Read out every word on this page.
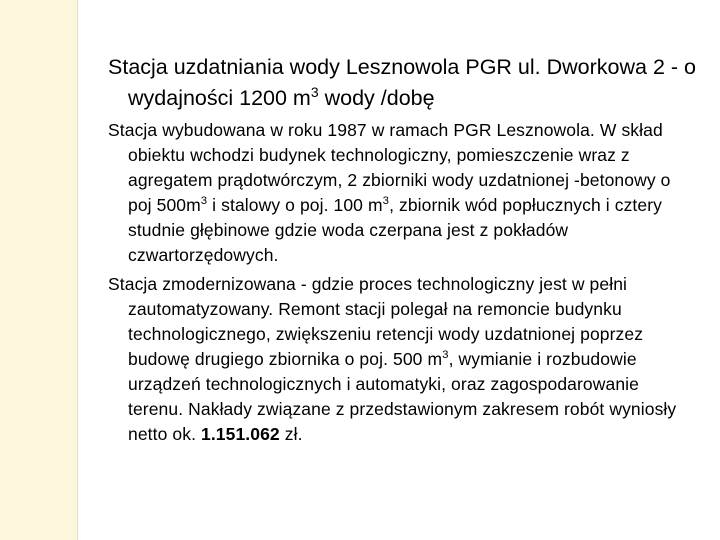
Stacja uzdatniania wody Lesznowola PGR ul. Dworkowa 2 - o wydajności 1200 $m^3$ wody /dobę

Stacja wybudowana w roku 1987 w ramach PGR Lesznowola. W skład obiektu wchodzi budynek technologiczny, pomieszczenie wraz z agregatem prądotwórczym, 2 zbiorniki wody uzdatnionej -betonowy o poj $500m^3$ i stalowy o poj. 100 $m^3$, zbiornik wód popłucznych i cztery studnie głębinowe gdzie woda czerpana jest z pokładów czwartorzędowych.

Stacja zmodernizowana - gdzie proces technologiczny jest w pełni zautomatyzowany. Remont stacji polegał na remoncie budynku technologicznego, zwiększeniu retencji wody uzdatnionej poprzez budowę drugiego zbiornika o poj. 500 $m^3$, wymianie i rozbudowie urządzeń technologicznych i automatyki, oraz zagospodarowanie terenu. Nakłady związane z przedstawionym zakresem robót wyniosły netto ok. 1.151.062 zł.
